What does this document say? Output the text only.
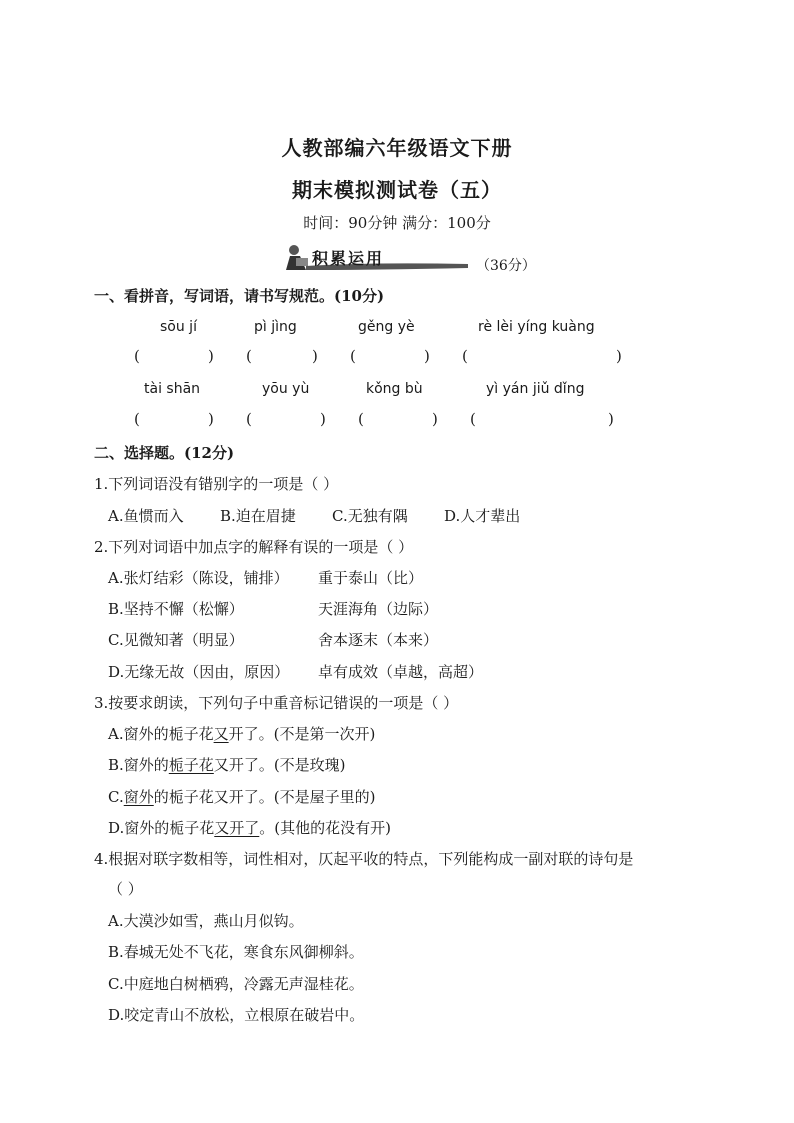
人教部编六年级语文下册
期末模拟测试卷（五）
时间：90分钟 满分：100分
积累运用	（36分）
一、看拼音，写词语，请书写规范。(10分)
sōu jí	pì jìng	gěng yè	rè lèi yíng kuàng
(	) (	) (	) (	)
tài shān	yōu yù	kǒng bù	yì yán jiǔ dǐng
(	) (	) (	) (	)
二、选择题。(12分)
1.下列词语没有错别字的一项是（ ）
A.鱼惯而入 B.迫在眉捷 C.无独有隅 D.人才辈出
2.下列对词语中加点字的解释有误的一项是（ ）
A.张灯结彩（陈设，铺排） 重于泰山（比）
B.坚持不懈（松懈）	天涯海角（边际）
C.见微知著（明显）	舍本逐末（本来）
D.无缘无故（因由，原因） 卓有成效（卓越，高超）
3.按要求朗读，下列句子中重音标记错误的一项是（ ）
A.窗外的栀子花又开了。(不是第一次开)
B.窗外的栀子花又开了。(不是玫瑰)
C.窗外的栀子花又开了。(不是屋子里的)
D.窗外的栀子花又开了。(其他的花没有开)
4.根据对联字数相等，词性相对，仄起平收的特点，下列能构成一副对联的诗句是
（ ）
A.大漠沙如雪，燕山月似钩。
B.春城无处不飞花，寒食东风御柳斜。
C.中庭地白树栖鸦，冷露无声湿桂花。
D.咬定青山不放松，立根原在破岩中。
